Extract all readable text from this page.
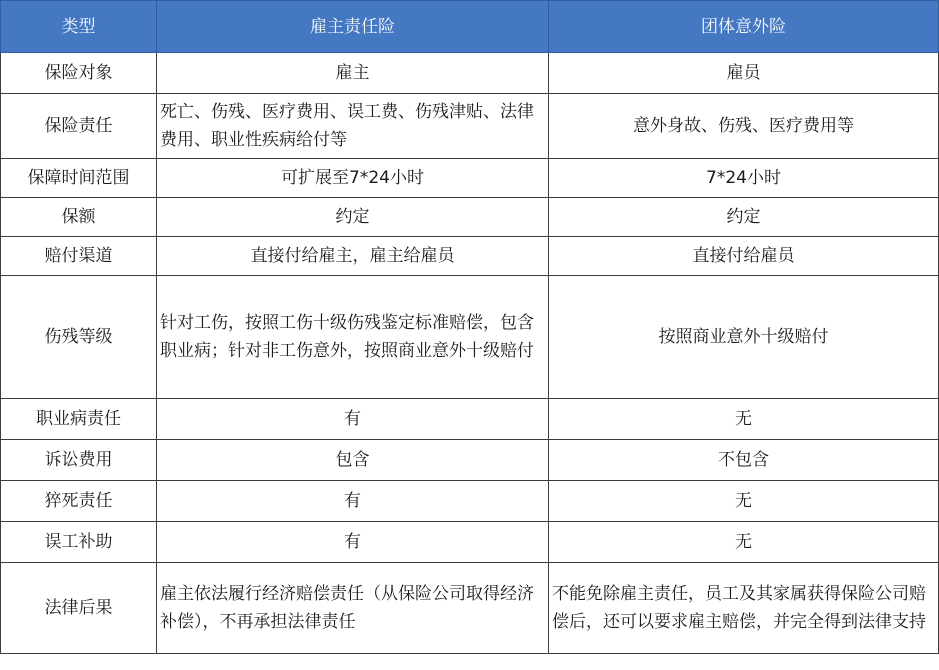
类型	雇主责任险	团体意外险
保险对象	雇主	雇员
保险责任	死亡、伤残、医疗费用、误工费、伤残津贴、法律费用、职业性疾病给付等	意外身故、伤残、医疗费用等
保障时间范围	可扩展至7*24小时	7*24小时
保额	约定	约定
赔付渠道	直接付给雇主，雇主给雇员	直接付给雇员
伤残等级	针对工伤，按照工伤十级伤残鉴定标准赔偿，包含职业病；针对非工伤意外，按照商业意外十级赔付	按照商业意外十级赔付
职业病责任	有	无
诉讼费用	包含	不包含
猝死责任	有	无
误工补助	有	无
法律后果	雇主依法履行经济赔偿责任（从保险公司取得经济补偿），不再承担法律责任	不能免除雇主责任，员工及其家属获得保险公司赔偿后，还可以要求雇主赔偿，并完全得到法律支持
